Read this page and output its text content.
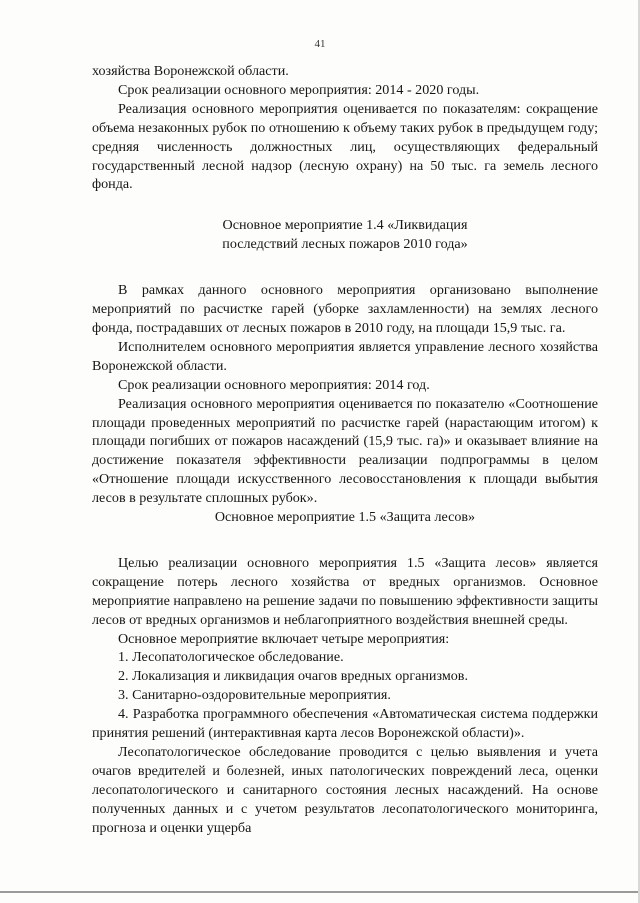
41

хозяйства Воронежской области.

Срок реализации основного мероприятия: 2014 - 2020 годы.

Реализация основного мероприятия оценивается по показателям: сокращение объема незаконных рубок по отношению к объему таких рубок в предыдущем году; средняя численность должностных лиц, осуществляющих федеральный государственный лесной надзор (лесную охрану) на 50 тыс. га земель лесного фонда.

Основное мероприятие 1.4 «Ликвидация

последствий лесных пожаров 2010 года»

В рамках данного основного мероприятия организовано выполнение мероприятий по расчистке гарей (уборке захламленности) на землях лесного фонда, пострадавших от лесных пожаров в 2010 году, на площади 15,9 тыс. га.

Исполнителем основного мероприятия является управление лесного хозяйства Воронежской области.

Срок реализации основного мероприятия: 2014 год.

Реализация основного мероприятия оценивается по показателю «Соотношение площади проведенных мероприятий по расчистке гарей (нарастающим итогом) к площади погибших от пожаров насаждений (15,9 тыс. га)» и оказывает влияние на достижение показателя эффективности реализации подпрограммы в целом «Отношение площади искусственного лесовосстановления к площади выбытия лесов в результате сплошных рубок».

Основное мероприятие 1.5 «Защита лесов»

Целью реализации основного мероприятия 1.5 «Защита лесов» является сокращение потерь лесного хозяйства от вредных организмов. Основное мероприятие направлено на решение задачи по повышению эффективности защиты лесов от вредных организмов и неблагоприятного воздействия внешней среды.

Основное мероприятие включает четыре мероприятия:

1. Лесопатологическое обследование.

2. Локализация и ликвидация очагов вредных организмов.

3. Санитарно-оздоровительные мероприятия.

4. Разработка программного обеспечения «Автоматическая система поддержки принятия решений (интерактивная карта лесов Воронежской области)».

Лесопатологическое обследование проводится с целью выявления и учета очагов вредителей и болезней, иных патологических повреждений леса, оценки лесопатологического и санитарного состояния лесных насаждений. На основе полученных данных и с учетом результатов лесопатологического мониторинга, прогноза и оценки ущерба
